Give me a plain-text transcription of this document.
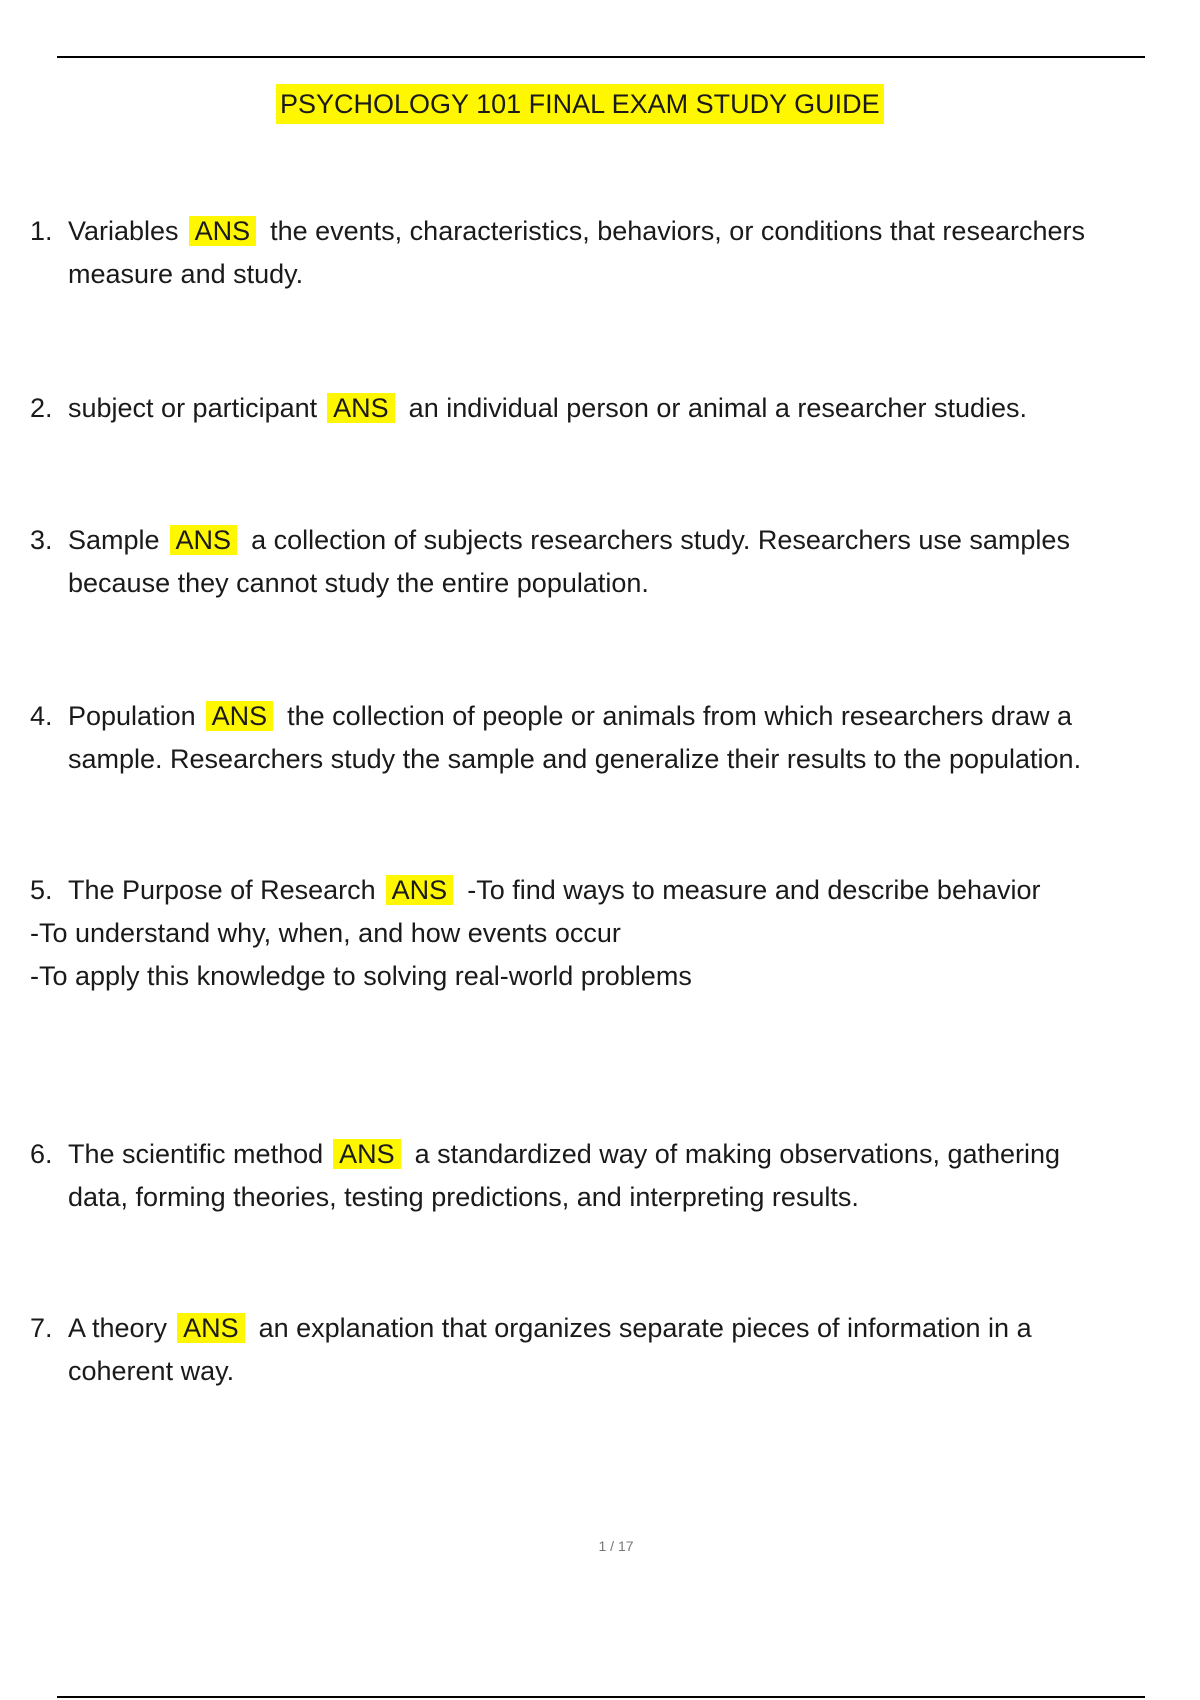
PSYCHOLOGY 101 FINAL EXAM STUDY GUIDE
1. Variables ANS the events, characteristics, behaviors, or conditions that researchers
measure and study.
2. subject or participant ANS an individual person or animal a researcher studies.
3. Sample ANS a collection of subjects researchers study. Researchers use samples
because they cannot study the entire population.
4. Population ANS the collection of people or animals from which researchers draw a
sample. Researchers study the sample and generalize their results to the population.
5. The Purpose of Research ANS -To find ways to measure and describe behavior
-To understand why, when, and how events occur
-To apply this knowledge to solving real-world problems
6. The scientific method ANS a standardized way of making observations, gathering
data, forming theories, testing predictions, and interpreting results.
7. A theory ANS an explanation that organizes separate pieces of information in a
coherent way.
1 / 17
